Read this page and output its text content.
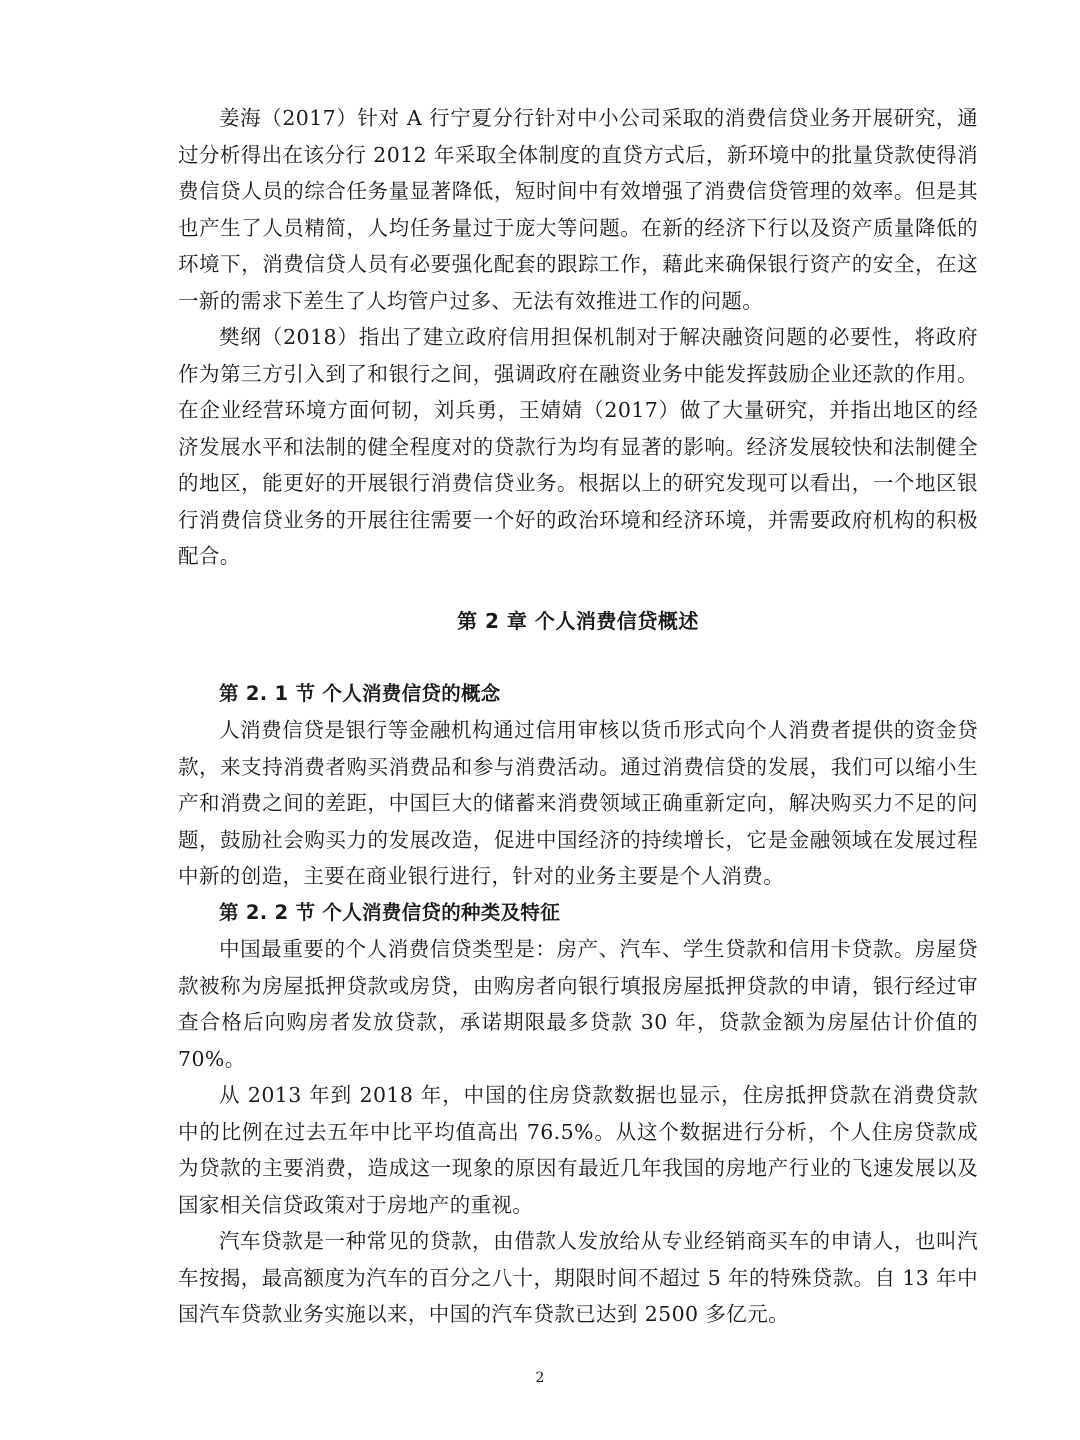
姜海（2017）针对 A 行宁夏分行针对中小公司采取的消费信贷业务开展研究，通过分析得出在该分行 2012 年采取全体制度的直贷方式后，新环境中的批量贷款使得消费信贷人员的综合任务量显著降低，短时间中有效增强了消费信贷管理的效率。但是其也产生了人员精简，人均任务量过于庞大等问题。在新的经济下行以及资产质量降低的环境下，消费信贷人员有必要强化配套的跟踪工作，藉此来确保银行资产的安全，在这一新的需求下差生了人均管户过多、无法有效推进工作的问题。

樊纲（2018）指出了建立政府信用担保机制对于解决融资问题的必要性，将政府作为第三方引入到了和银行之间，强调政府在融资业务中能发挥鼓励企业还款的作用。在企业经营环境方面何韧，刘兵勇，王婧婧（2017）做了大量研究，并指出地区的经济发展水平和法制的健全程度对的贷款行为均有显著的影响。经济发展较快和法制健全的地区，能更好的开展银行消费信贷业务。根据以上的研究发现可以看出，一个地区银行消费信贷业务的开展往往需要一个好的政治环境和经济环境，并需要政府机构的积极配合。

第 2 章 个人消费信贷概述
第 2. 1 节 个人消费信贷的概念

人消费信贷是银行等金融机构通过信用审核以货币形式向个人消费者提供的资金贷款，来支持消费者购买消费品和参与消费活动。通过消费信贷的发展，我们可以缩小生产和消费之间的差距，中国巨大的储蓄来消费领域正确重新定向，解决购买力不足的问题，鼓励社会购买力的发展改造，促进中国经济的持续增长，它是金融领域在发展过程中新的创造，主要在商业银行进行，针对的业务主要是个人消费。

第 2. 2 节 个人消费信贷的种类及特征

中国最重要的个人消费信贷类型是：房产、汽车、学生贷款和信用卡贷款。房屋贷款被称为房屋抵押贷款或房贷，由购房者向银行填报房屋抵押贷款的申请，银行经过审查合格后向购房者发放贷款，承诺期限最多贷款 30 年，贷款金额为房屋估计价值的 70%。

从 2013 年到 2018 年，中国的住房贷款数据也显示，住房抵押贷款在消费贷款中的比例在过去五年中比平均值高出 76.5%。从这个数据进行分析，个人住房贷款成为贷款的主要消费，造成这一现象的原因有最近几年我国的房地产行业的飞速发展以及国家相关信贷政策对于房地产的重视。

汽车贷款是一种常见的贷款，由借款人发放给从专业经销商买车的申请人，也叫汽车按揭，最高额度为汽车的百分之八十，期限时间不超过 5 年的特殊贷款。自 13 年中国汽车贷款业务实施以来，中国的汽车贷款已达到 2500 多亿元。

2
